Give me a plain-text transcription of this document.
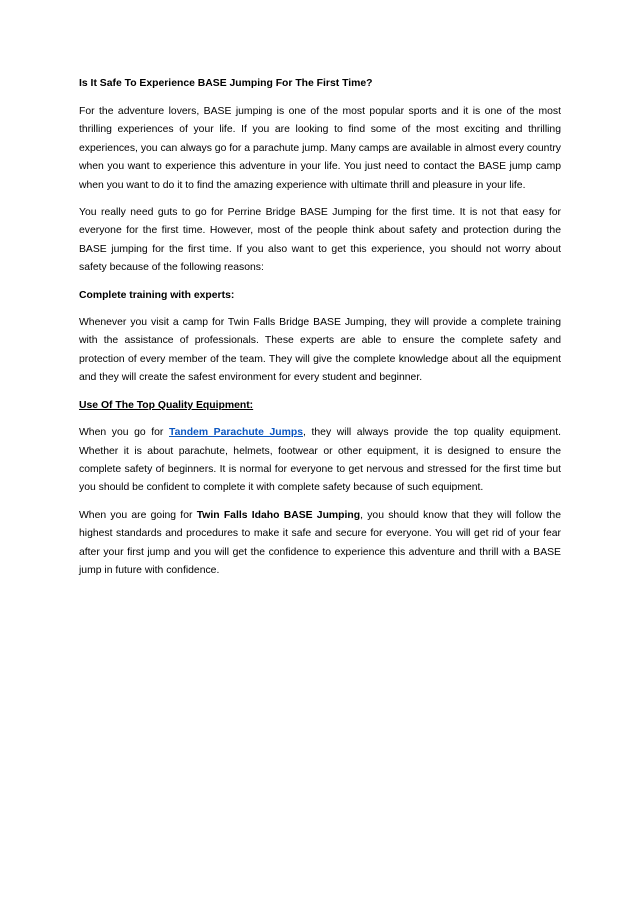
Is It Safe To Experience BASE Jumping For The First Time?

For the adventure lovers, BASE jumping is one of the most popular sports and it is one of the most thrilling experiences of your life. If you are looking to find some of the most exciting and thrilling experiences, you can always go for a parachute jump. Many camps are available in almost every country when you want to experience this adventure in your life. You just need to contact the BASE jump camp when you want to do it to find the amazing experience with ultimate thrill and pleasure in your life.

You really need guts to go for Perrine Bridge BASE Jumping for the first time. It is not that easy for everyone for the first time. However, most of the people think about safety and protection during the BASE jumping for the first time. If you also want to get this experience, you should not worry about safety because of the following reasons:

Complete training with experts:

Whenever you visit a camp for Twin Falls Bridge BASE Jumping, they will provide a complete training with the assistance of professionals. These experts are able to ensure the complete safety and protection of every member of the team. They will give the complete knowledge about all the equipment and they will create the safest environment for every student and beginner.

Use Of The Top Quality Equipment:

When you go for Tandem Parachute Jumps, they will always provide the top quality equipment. Whether it is about parachute, helmets, footwear or other equipment, it is designed to ensure the complete safety of beginners. It is normal for everyone to get nervous and stressed for the first time but you should be confident to complete it with complete safety because of such equipment.

When you are going for Twin Falls Idaho BASE Jumping, you should know that they will follow the highest standards and procedures to make it safe and secure for everyone. You will get rid of your fear after your first jump and you will get the confidence to experience this adventure and thrill with a BASE jump in future with confidence.
